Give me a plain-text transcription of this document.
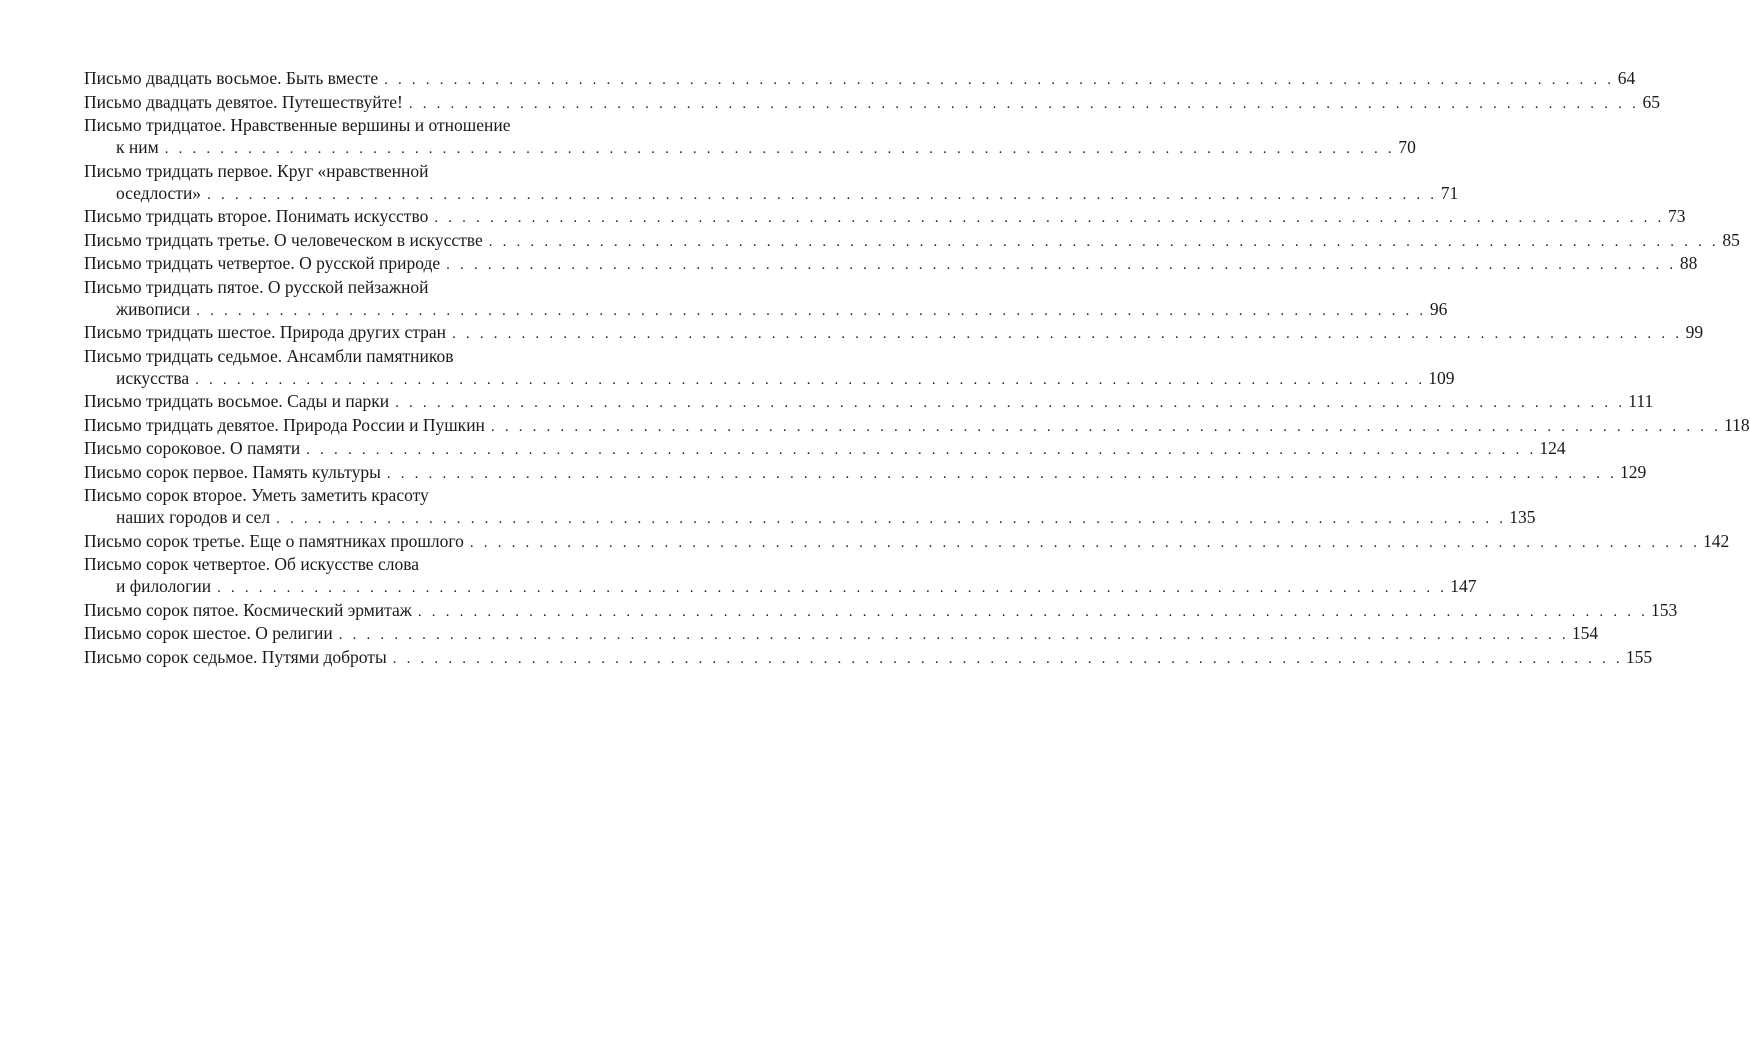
Письмо двадцать восьмое. Быть вместе . . .	64
Письмо двадцать девятое. Путешествуйте! . . .	65
Письмо тридцатое. Нравственные вершины и отношение
к ним . . .	70
Письмо тридцать первое. Круг «нравственной
оседлости» . . .	71
Письмо тридцать второе. Понимать искусство . . .	73
Письмо тридцать третье. О человеческом в искусстве . . .	85
Письмо тридцать четвертое. О русской природе . . .	88
Письмо тридцать пятое. О русской пейзажной
живописи . . .	96
Письмо тридцать шестое. Природа других стран . . .	99
Письмо тридцать седьмое. Ансамбли памятников
искусства . . .	109
Письмо тридцать восьмое. Сады и парки . . .	111
Письмо тридцать девятое. Природа России и Пушкин . . .	118
Письмо сороковое. О памяти . . .	124
Письмо сорок первое. Память культуры . . .	129
Письмо сорок второе. Уметь заметить красоту
наших городов и сел . . .	135
Письмо сорок третье. Еще о памятниках прошлого . . .	142
Письмо сорок четвертое. Об искусстве слова
и филологии . . .	147
Письмо сорок пятое. Космический эрмитаж . . .	153
Письмо сорок шестое. О религии . . .	154
Письмо сорок седьмое. Путями доброты . . .	155
